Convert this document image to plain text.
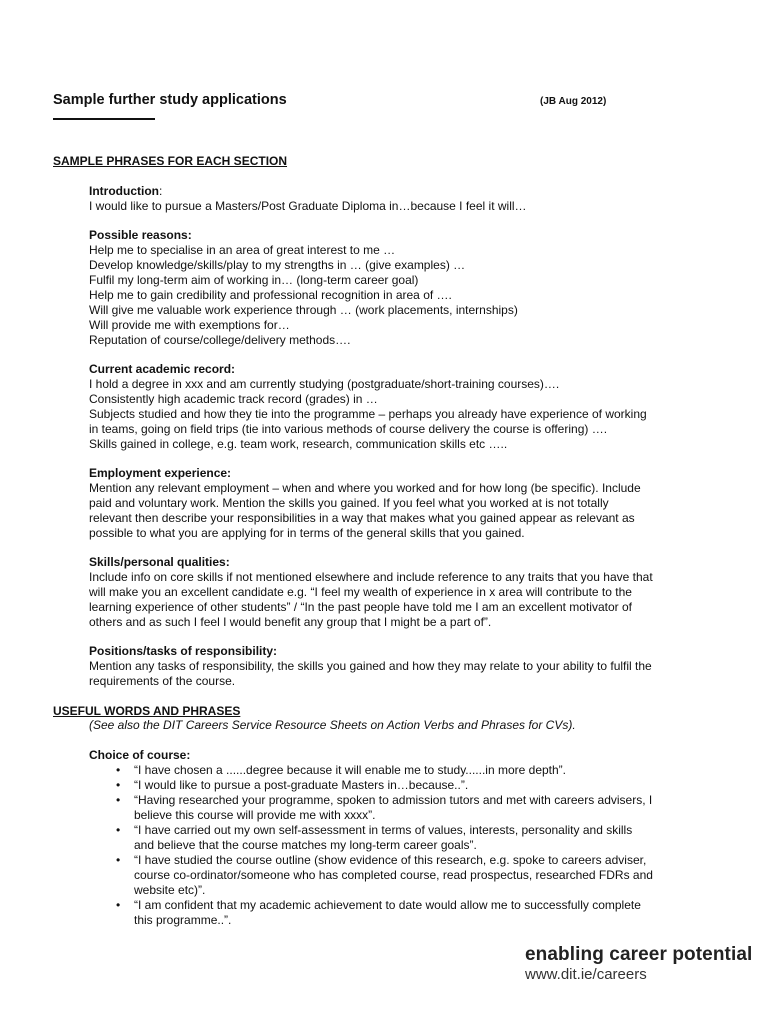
Sample further study applications	(JB Aug 2012)
SAMPLE PHRASES FOR EACH SECTION
Introduction:
I would like to pursue a Masters/Post Graduate Diploma in…because I feel it will…
Possible reasons:
Help me to specialise in an area of great interest to me …
Develop knowledge/skills/play to my strengths in … (give examples) …
Fulfil my long-term aim of working in… (long-term career goal)
Help me to gain credibility and professional recognition in area of ….
Will give me valuable work experience through … (work placements, internships)
Will provide me with exemptions for…
Reputation of course/college/delivery methods….
Current academic record:
I hold a degree in xxx and am currently studying (postgraduate/short-training courses)….
Consistently high academic track record (grades) in …
Subjects studied and how they tie into the programme – perhaps you already have experience of working
in teams, going on field trips (tie into various methods of course delivery the course is offering) ….
Skills gained in college, e.g. team work, research, communication skills etc …..
Employment experience:
Mention any relevant employment – when and where you worked and for how long (be specific). Include
paid and voluntary work. Mention the skills you gained. If you feel what you worked at is not totally
relevant then describe your responsibilities in a way that makes what you gained appear as relevant as
possible to what you are applying for in terms of the general skills that you gained.
Skills/personal qualities:
Include info on core skills if not mentioned elsewhere and include reference to any traits that you have that
will make you an excellent candidate e.g. “I feel my wealth of experience in x area will contribute to the
learning experience of other students” / “In the past people have told me I am an excellent motivator of
others and as such I feel I would benefit any group that I might be a part of”.
Positions/tasks of responsibility:
Mention any tasks of responsibility, the skills you gained and how they may relate to your ability to fulfil the
requirements of the course.
USEFUL WORDS AND PHRASES
(See also the DIT Careers Service Resource Sheets on Action Verbs and Phrases for CVs).
Choice of course:
• “I have chosen a ......degree because it will enable me to study......in more depth”.
• “I would like to pursue a post-graduate Masters in…because..”.
• “Having researched your programme, spoken to admission tutors and met with careers advisers, I
believe this course will provide me with xxxx”.
• “I have carried out my own self-assessment in terms of values, interests, personality and skills
and believe that the course matches my long-term career goals”.
• “I have studied the course outline (show evidence of this research, e.g. spoke to careers adviser,
course co-ordinator/someone who has completed course, read prospectus, researched FDRs and
website etc)”.
• “I am confident that my academic achievement to date would allow me to successfully complete
this programme..”.
enabling career potential
www.dit.ie/careers
